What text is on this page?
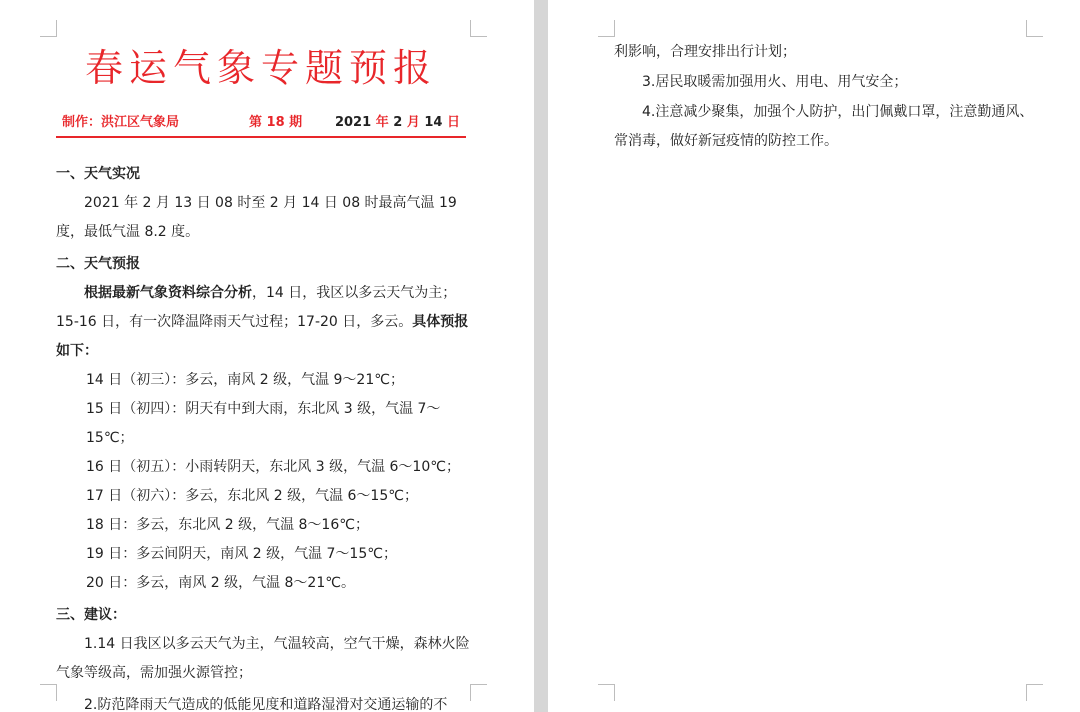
春运气象专题预报
制作：洪江区气象局	第 18 期	2021 年 2 月 14 日

一、天气实况

2021 年 2 月 13 日 08 时至 2 月 14 日 08 时最高气温 19 度，最低气温 8.2 度。

二、天气预报

根据最新气象资料综合分析，14 日，我区以多云天气为主；15-16 日，有一次降温降雨天气过程；17-20 日，多云。具体预报如下：

14 日（初三）：多云，南风 2 级，气温 9～21℃；

15 日（初四）：阴天有中到大雨，东北风 3 级，气温 7～15℃；

16 日（初五）：小雨转阴天，东北风 3 级，气温 6～10℃；

17 日（初六）：多云，东北风 2 级，气温 6～15℃；

18 日：多云，东北风 2 级，气温 8～16℃；

19 日：多云间阴天，南风 2 级，气温 7～15℃；

20 日：多云，南风 2 级，气温 8～21℃。

三、建议：

1.14 日我区以多云天气为主，气温较高，空气干燥，森林火险气象等级高，需加强火源管控；

2.防范降雨天气造成的低能见度和道路湿滑对交通运输的不

利影响，合理安排出行计划；

3.居民取暖需加强用火、用电、用气安全；

4.注意减少聚集，加强个人防护，出门佩戴口罩，注意勤通风、常消毒，做好新冠疫情的防控工作。
